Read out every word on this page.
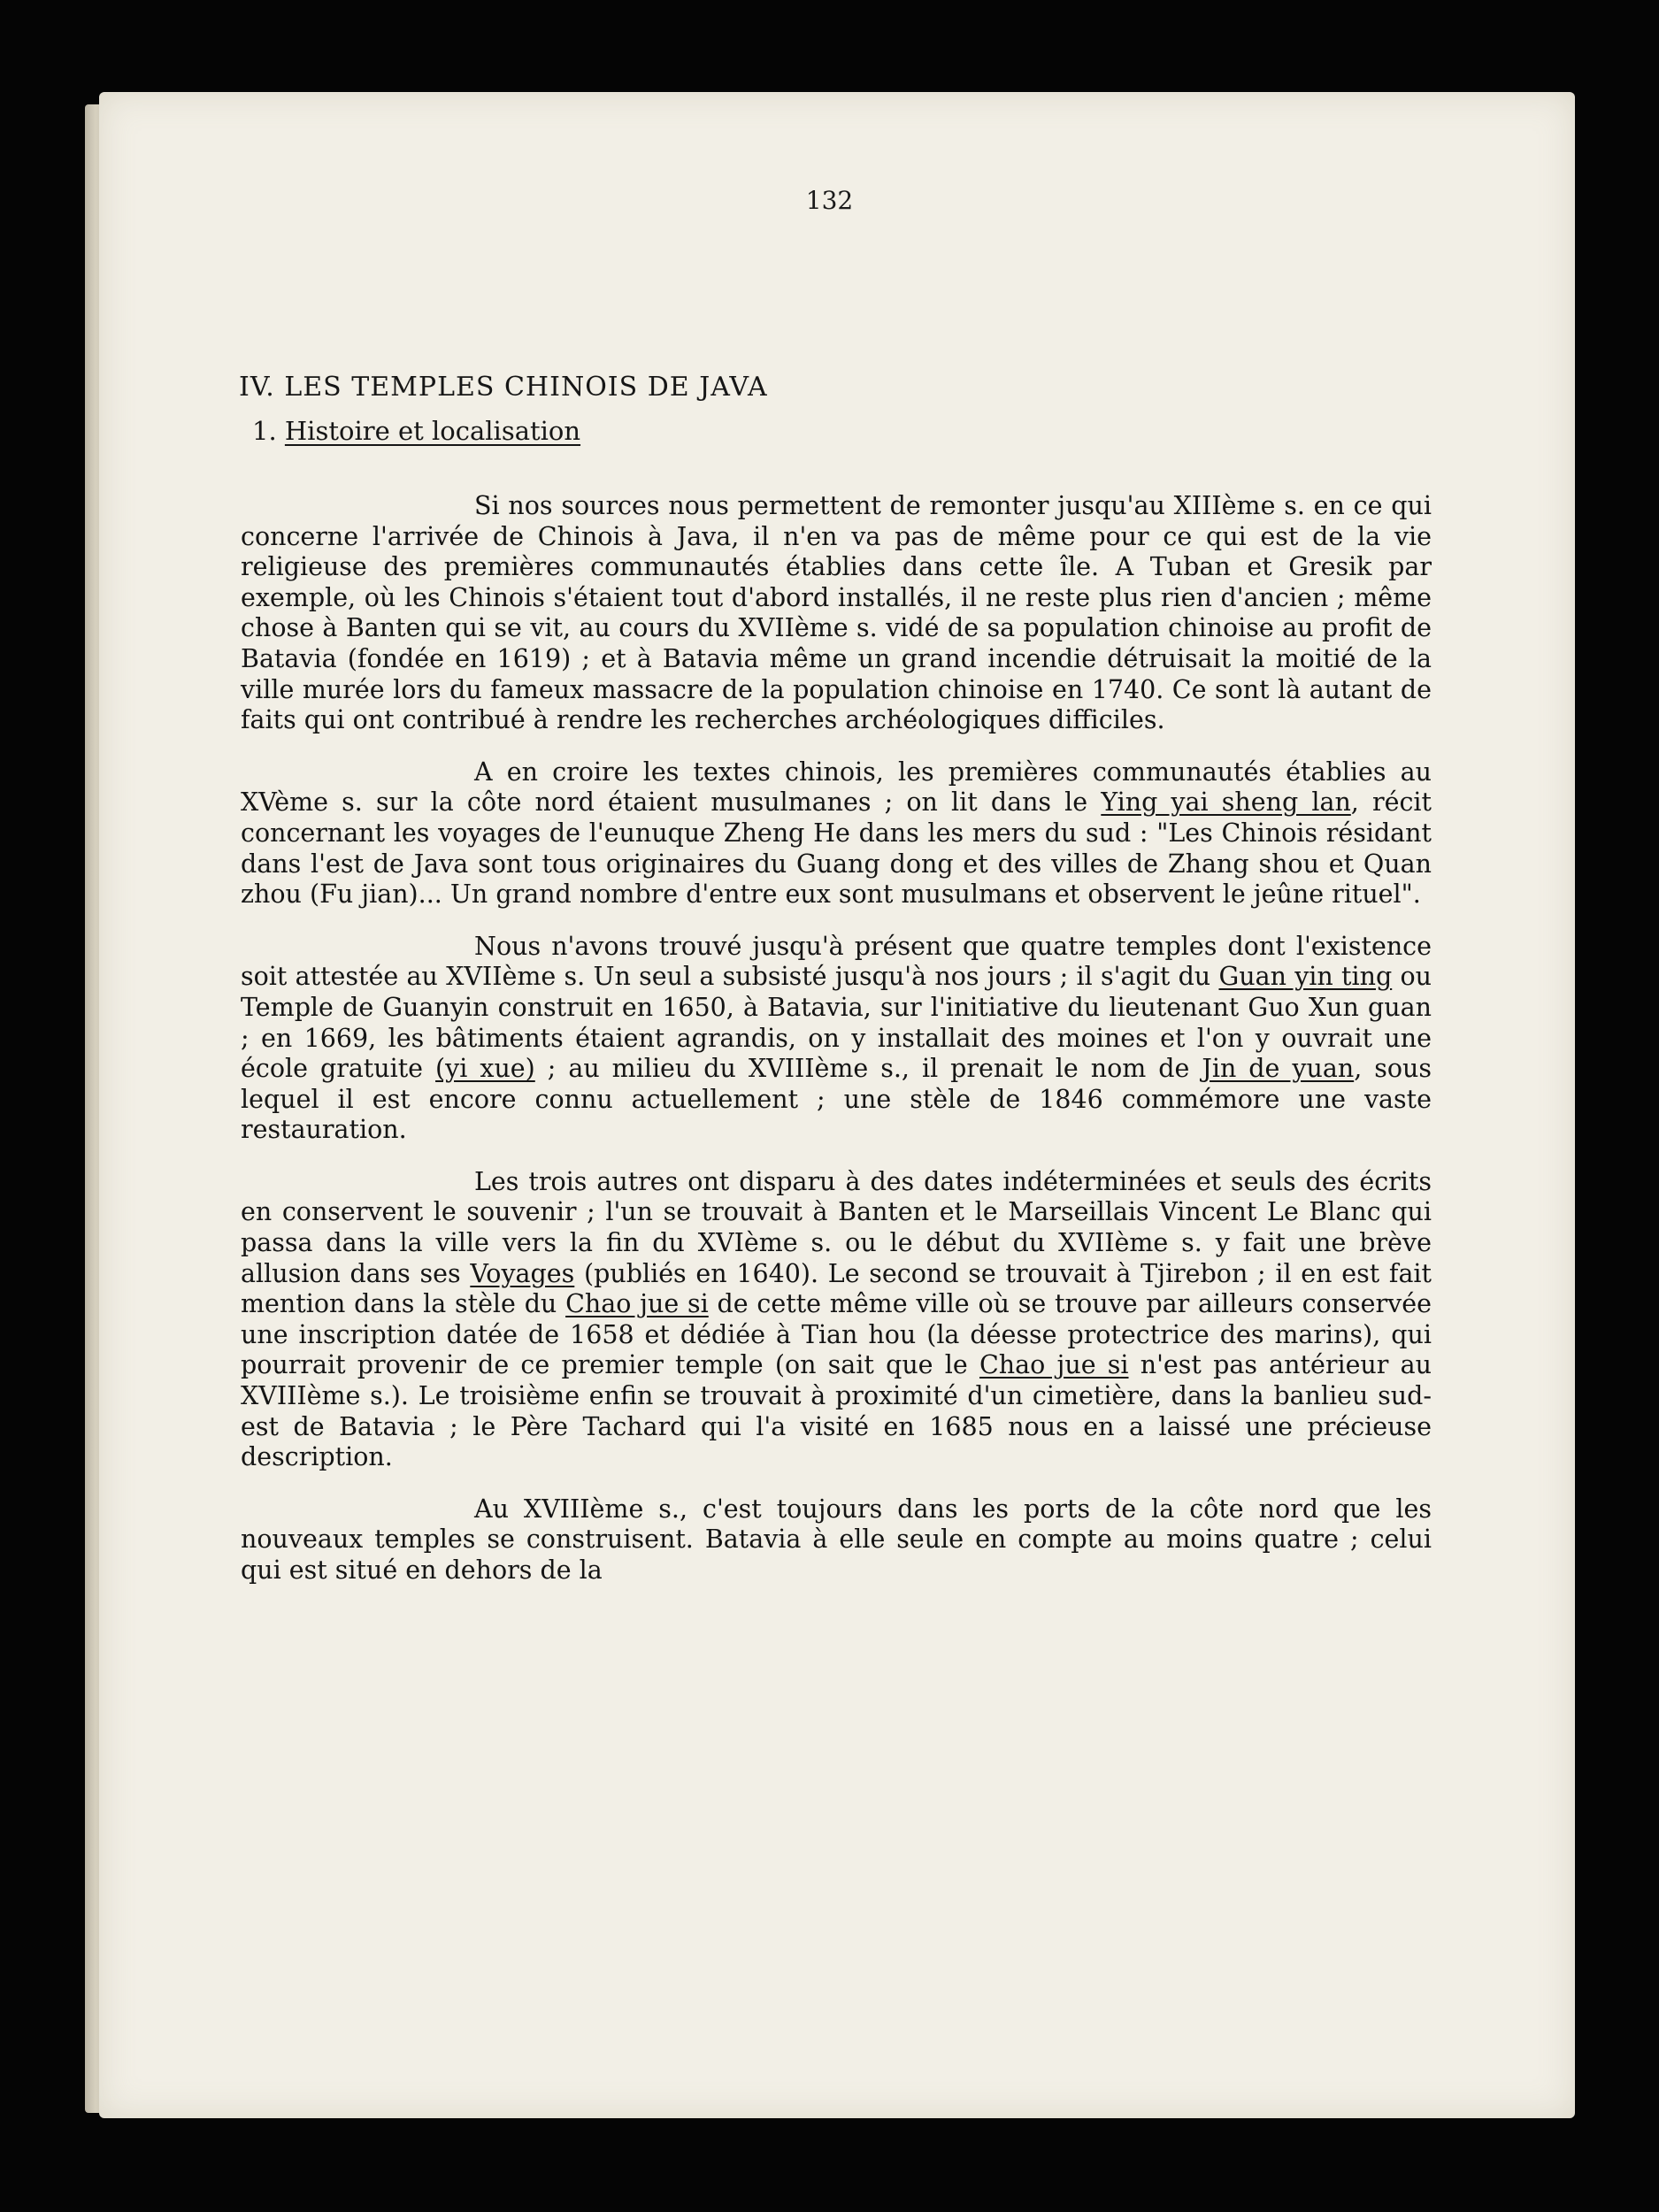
132
IV. LES TEMPLES CHINOIS DE JAVA
1. Histoire et localisation

Si nos sources nous permettent de remonter jusqu'au XIIIème s. en ce qui concerne l'arrivée de Chinois à Java, il n'en va pas de même pour ce qui est de la vie religieuse des premières communautés établies dans cette île. A Tuban et Gresik par exemple, où les Chinois s'étaient tout d'abord installés, il ne reste plus rien d'ancien ; même chose à Banten qui se vit, au cours du XVIIème s. vidé de sa population chinoise au profit de Batavia (fondée en 1619) ; et à Batavia même un grand incendie détruisait la moitié de la ville murée lors du fameux massacre de la population chinoise en 1740. Ce sont là autant de faits qui ont contribué à rendre les recherches archéologiques difficiles.

A en croire les textes chinois, les premières communautés établies au XVème s. sur la côte nord étaient musulmanes ; on lit dans le Ying yai sheng lan, récit concernant les voyages de l'eunuque Zheng He dans les mers du sud : "Les Chinois résidant dans l'est de Java sont tous originaires du Guang dong et des villes de Zhang shou et Quan zhou (Fu jian)... Un grand nombre d'entre eux sont musulmans et observent le jeûne rituel".

Nous n'avons trouvé jusqu'à présent que quatre temples dont l'existence soit attestée au XVIIème s. Un seul a subsisté jusqu'à nos jours ; il s'agit du Guan yin ting ou Temple de Guanyin construit en 1650, à Batavia, sur l'initiative du lieutenant Guo Xun guan ; en 1669, les bâtiments étaient agrandis, on y installait des moines et l'on y ouvrait une école gratuite (yi xue) ; au milieu du XVIIIème s., il prenait le nom de Jin de yuan, sous lequel il est encore connu actuellement ; une stèle de 1846 commémore une vaste restauration.

Les trois autres ont disparu à des dates indéterminées et seuls des écrits en conservent le souvenir ; l'un se trouvait à Banten et le Marseillais Vincent Le Blanc qui passa dans la ville vers la fin du XVIème s. ou le début du XVIIème s. y fait une brève allusion dans ses Voyages (publiés en 1640). Le second se trouvait à Tjirebon ; il en est fait mention dans la stèle du Chao jue si de cette même ville où se trouve par ailleurs conservée une inscription datée de 1658 et dédiée à Tian hou (la déesse protectrice des marins), qui pourrait provenir de ce premier temple (on sait que le Chao jue si n'est pas antérieur au XVIIIème s.). Le troisième enfin se trouvait à proximité d'un cimetière, dans la banlieu sud-est de Batavia ; le Père Tachard qui l'a visité en 1685 nous en a laissé une précieuse description.

Au XVIIIème s., c'est toujours dans les ports de la côte nord que les nouveaux temples se construisent. Batavia à elle seule en compte au moins quatre ; celui qui est situé en dehors de la
